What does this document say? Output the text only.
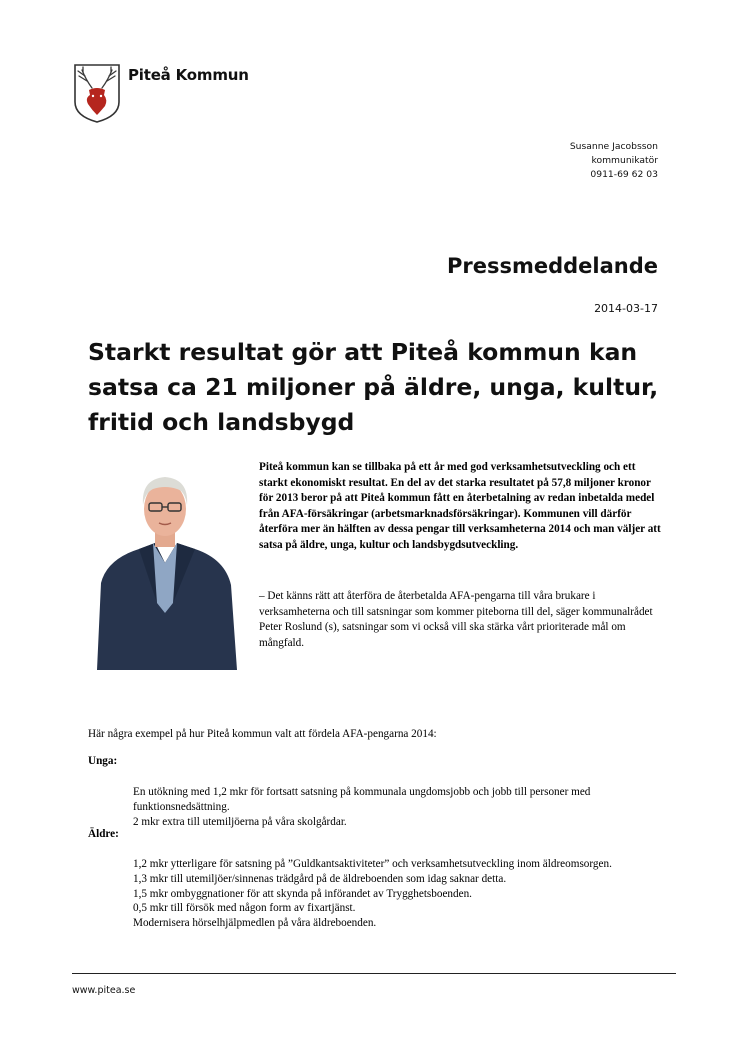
Piteå Kommun
Susanne Jacobsson
kommunikatör
0911-69 62 03
Pressmeddelande
2014-03-17
Starkt resultat gör att Piteå kommun kan satsa ca 21 miljoner på äldre, unga, kultur, fritid och landsbygd

Piteå kommun kan se tillbaka på ett år med god verksamhetsutveckling och ett starkt ekonomiskt resultat. En del av det starka resultatet på 57,8 miljoner kronor för 2013 beror på att Piteå kommun fått en återbetalning av redan inbetalda medel från AFA-försäkringar (arbetsmarknadsförsäkringar). Kommunen vill därför återföra mer än hälften av dessa pengar till verksamheterna 2014 och man väljer att satsa på äldre, unga, kultur och landsbygdsutveckling.

– Det känns rätt att återföra de återbetalda AFA-pengarna till våra brukare i verksamheterna och till satsningar som kommer piteborna till del, säger kommunalrådet Peter Roslund (s), satsningar som vi också vill ska stärka vårt prioriterade mål om mångfald.

Här några exempel på hur Piteå kommun valt att fördela AFA-pengarna 2014:

Unga:

En utökning med 1,2 mkr för fortsatt satsning på kommunala ungdomsjobb och jobb till personer med funktionsnedsättning.
2 mkr extra till utemiljöerna på våra skolgårdar.

Äldre:

1,2 mkr ytterligare för satsning på ”Guldkantsaktiviteter” och verksamhetsutveckling inom äldreomsorgen.
1,3 mkr till utemiljöer/sinnenas trädgård på de äldreboenden som idag saknar detta.
1,5 mkr ombyggnationer för att skynda på införandet av Trygghetsboenden.
0,5 mkr till försök med någon form av fixartjänst.
Modernisera hörselhjälpmedlen på våra äldreboenden.
www.pitea.se
